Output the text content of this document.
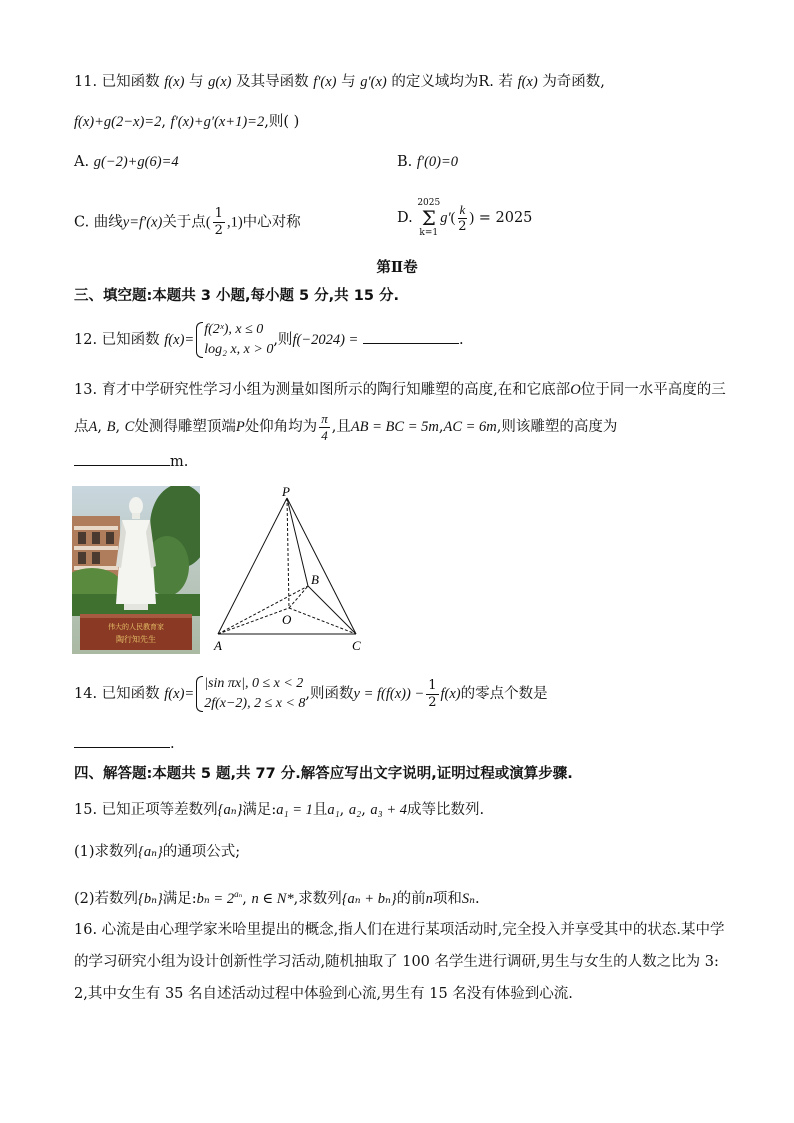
11. 已知函数 f(x) 与 g(x) 及其导函数 f′(x) 与 g′(x) 的定义域均为R. 若 f(x) 为奇函数,
f(x)+g(2−x)=2, f′(x)+g′(x+1)=2,则( )
A. g(−2)+g(6)=4	B. f′(0)=0
C. 曲线y=f′(x)关于点( $\frac{1}{2} ,1$)中心对称	D. 2025
Σ
$k=1g'( \frac{k}{2}$ ) = 2025
第Ⅱ卷
三、填空题:本题共 3 小题,每小题 5 分,共 15 分.
12. 已知函数 f(x)=
f(2ˣ), x ≤ 0
log₂ x, x > 0
,则f(−2024) =	.
13. 育才中学研究性学习小组为测量如图所示的陶行知雕塑的高度,在和它底部O位于同一水平高度的三
点A, B, C处测得雕塑顶端P处仰角均为 $\frac{\pi}{4}$ ,且AB = BC = 5m,AC = 6m,则该雕塑的高度为
m.
伟大的人民教育家
陶行知先生
P
B
O
A	C
14. 已知函数 f(x)=
|sin πx|, 0 ≤ x < 2
2f(x−2), 2 ≤ x < 8
,则函数$y = f(f(x)) - \frac{1}{2} f(x)$的零点个数是
.
四、解答题:本题共 5 题,共 77 分.解答应写出文字说明,证明过程或演算步骤.
15. 已知正项等差数列{aₙ}满足:a₁ = 1且a₁, a₂, a₃ + 4成等比数列.
(1)求数列{aₙ}的通项公式;
(2)若数列{bₙ}满足:bₙ = $2^{a_n}$, n ∈ N*,求数列{aₙ + bₙ}的前n项和Sₙ.
16. 心流是由心理学家米哈里提出的概念,指人们在进行某项活动时,完全投入并享受其中的状态.某中学
的学习研究小组为设计创新性学习活动,随机抽取了 100 名学生进行调研,男生与女生的人数之比为 3:
2,其中女生有 35 名自述活动过程中体验到心流,男生有 15 名没有体验到心流.
